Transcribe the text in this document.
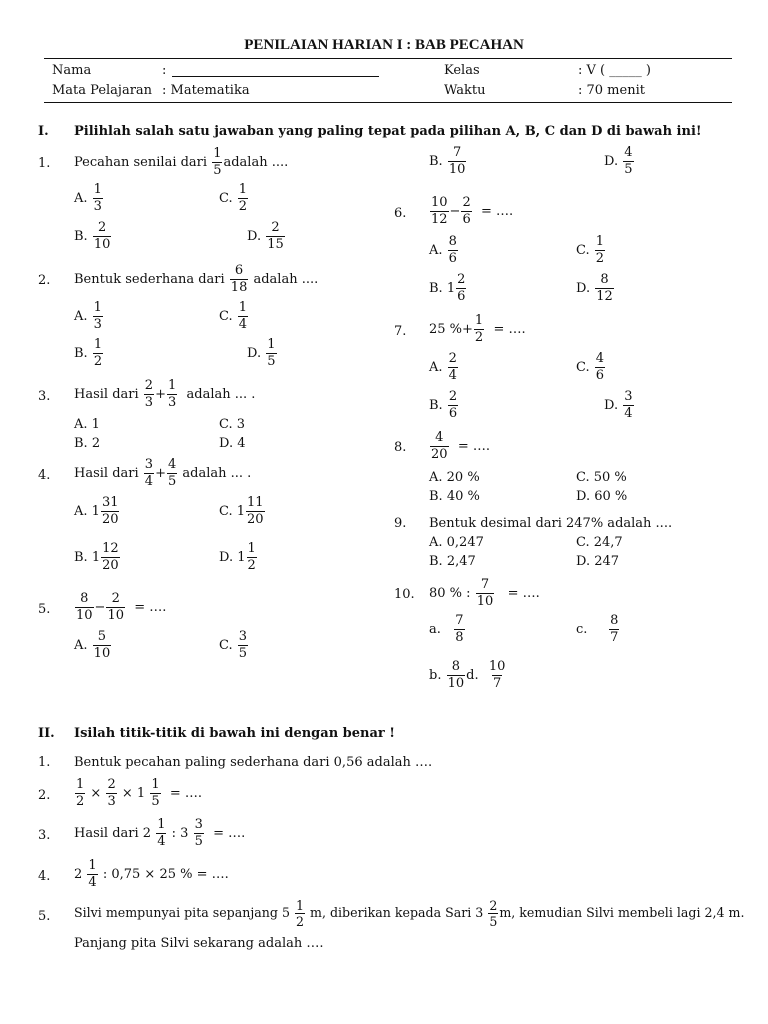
PENILAIAN HARIAN I : BAB PECAHAN
Nama	:	Kelas	: V ( _____ )
Mata Pelajaran : Matematika	Waktu	: 70 menit
I. Pilihlah salah satu jawaban yang paling tepat pada pilihan A, B, C dan D di bawah ini!
1. Pecahan senilai dari

1
5
adalah ....	B.

7
10
D.

4
5
A.

1
3
C.

1
2
B.

2
10
D.

2
15
6.
10
12
− $\frac{2}{6}$
= ….
A.

8
6
C.

1
2
B. 1
2
6
D.

8
12
2. Bentuk sederhana dari

6
18

adalah ....
A.

1
3
C.

1
4
B.

1
2
D.

1
5
7. 25 %+ $\frac{1}{2}$
= ….
A.

2
4
C.

4
6
B.

2
6
D.

3
4
3. Hasil dari

2
3
+ $\frac{1}{3}$
adalah ... .
A. 1	C. 3
B. 2	D. 4	8. $\frac{4}{20}$
= ….
A. 20 %	C. 50 %
B. 40 %	D. 60 %
4. Hasil dari

3
4
+ $\frac{4}{5}$
adalah ... .
A. 1
31
20
C. 1
11
20
B. 1
12
20
D. 1
1
2
9. Bentuk desimal dari 247% adalah ....
A. 0,247	C. 24,7
B. 2,47	D. 247
10. 80 % :
$\frac{7}{10}$
= ….
a.

7
8
c.

8
7
b.

8
10
d.

10
7
5.
8
10
− $\frac{2}{10}$
= ….
A.

5
10
C.

3
5
II. Isilah titik-titik di bawah ini dengan benar !
1. Bentuk pecahan paling sederhana dari 0,56 adalah ….
2. $\frac{1}{2}$
×
$\frac{2}{3}$
× 1
$\frac{1}{5}$
= ….
3. Hasil dari 2

1
4

: 3
$\frac{3}{5}$
= ….
4. 2

1
4

: 0,75 × 25 % = ….
5. Silvi mempunyai pita sepanjang 5
1
2

m, diberikan kepada Sari 3
2
5
m, kemudian Silvi membeli lagi 2,4 m.
Panjang pita Silvi sekarang adalah ….
